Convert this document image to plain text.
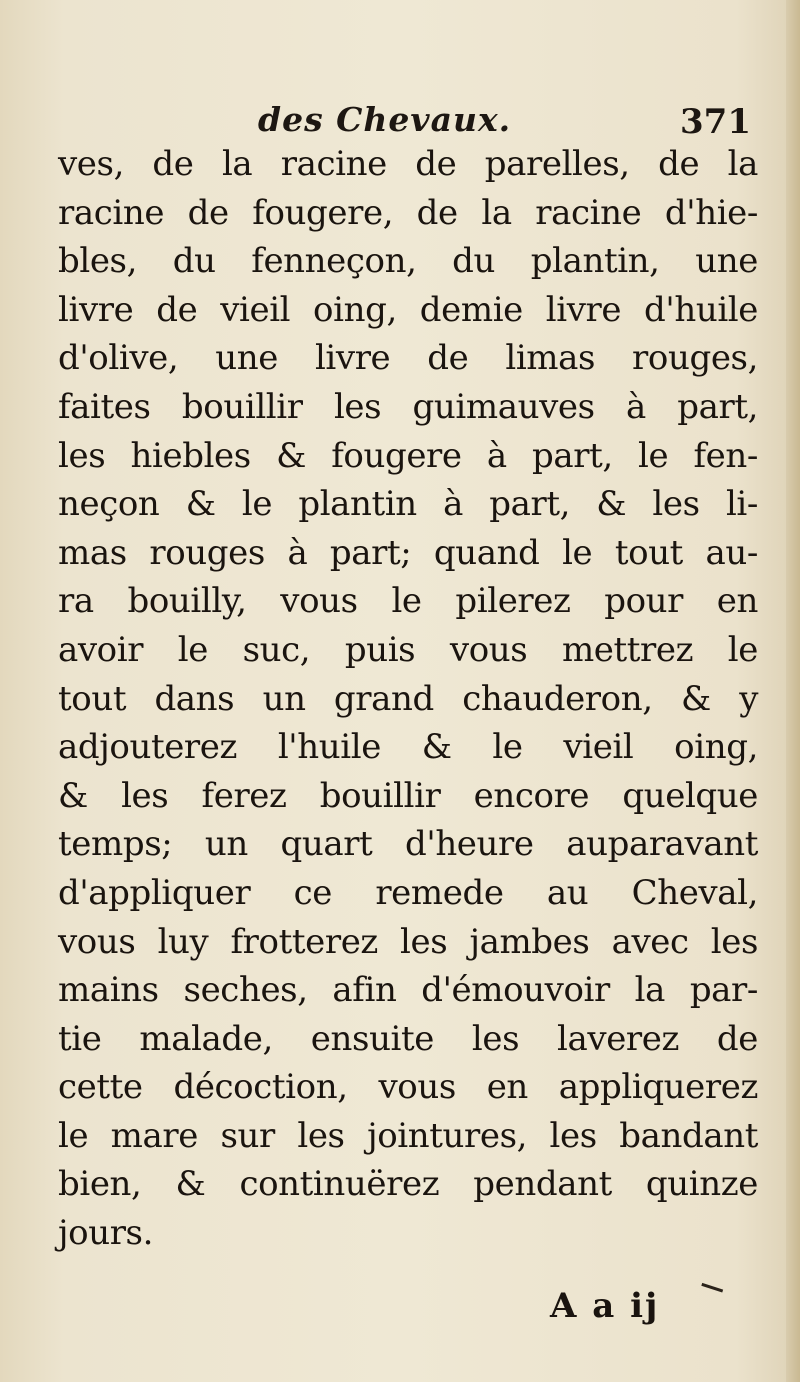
des Chevaux.	371
ves, de la racine de parelles, de la
racine de fougere, de la racine d'hie-
bles, du fenneçon, du plantin, une
livre de vieil oing, demie livre d'huile
d'olive, une livre de limas rouges,
faites bouillir les guimauves à part,
les hiebles & fougere à part, le fen-
neçon & le plantin à part, & les li-
mas rouges à part; quand le tout au-
ra bouilly, vous le pilerez pour en
avoir le suc, puis vous mettrez le
tout dans un grand chauderon, & y
adjouterez l'huile & le vieil oing,
& les ferez bouillir encore quelque
temps; un quart d'heure auparavant
d'appliquer ce remede au Cheval,
vous luy frotterez les jambes avec les
mains seches, afin d'émouvoir la par-
tie malade, ensuite les laverez de
cette décoction, vous en appliquerez
le mare sur les jointures, les bandant
bien, & continuërez pendant quinze
jours.
A a ij
